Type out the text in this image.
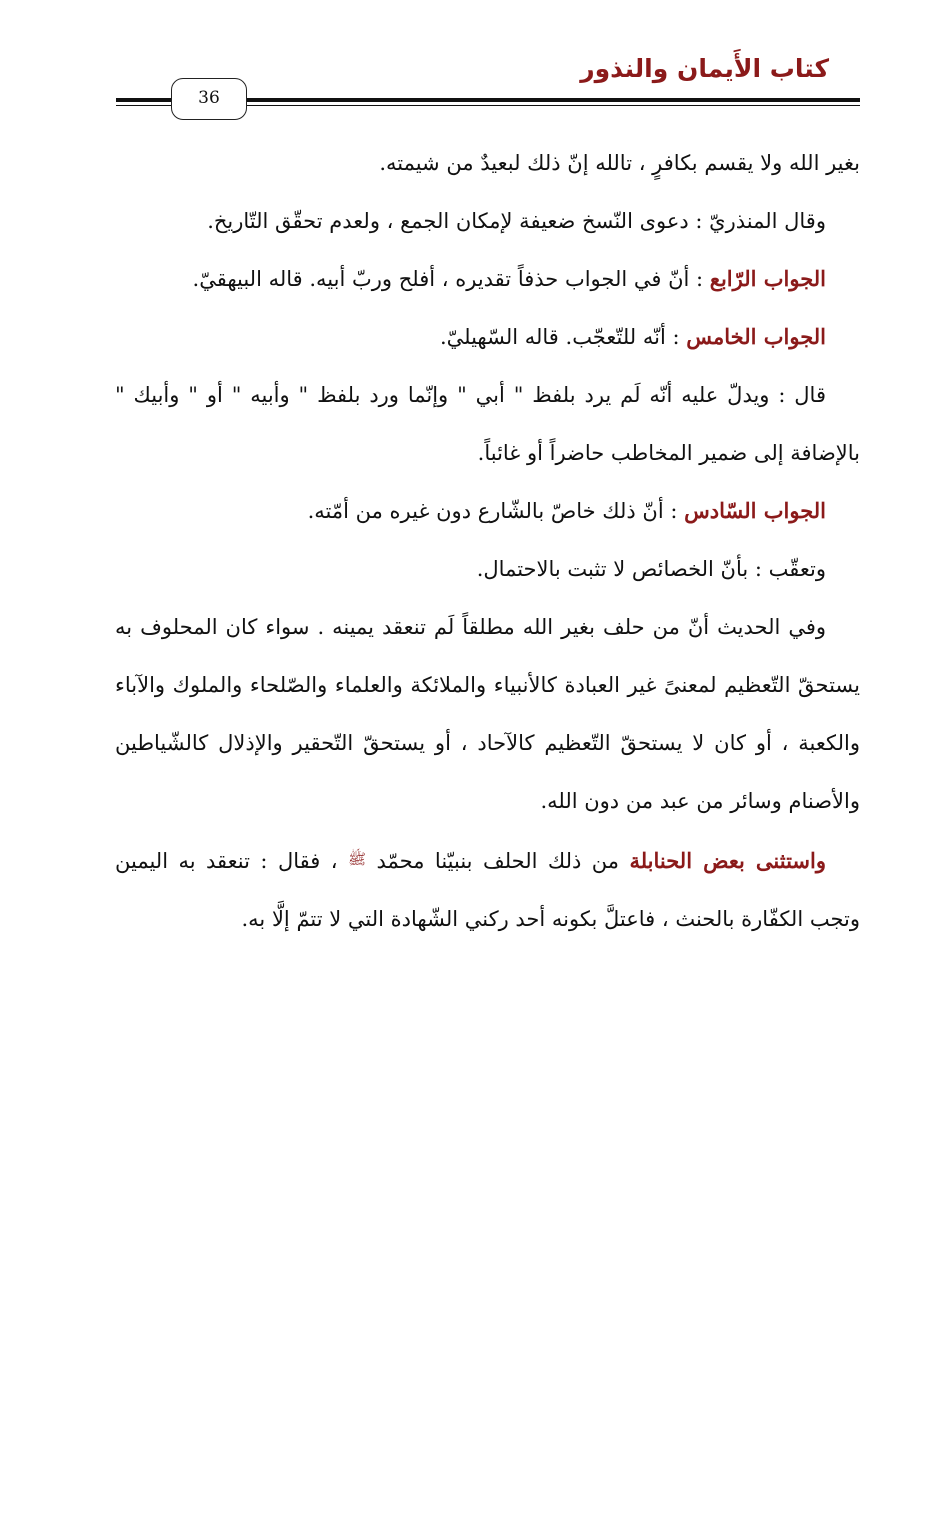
كتاب الأَيمان والنذور
36

بغير الله ولا يقسم بكافرٍ ، تالله إنّ ذلك لبعيدٌ من شيمته.

وقال المنذريّ : دعوى النّسخ ضعيفة لإمكان الجمع ، ولعدم تحقّق التّاريخ.

الجواب الرّابع : أنّ في الجواب حذفاً تقديره ، أفلح وربّ أبيه. قاله البيهقيّ.

الجواب الخامس : أنّه للتّعجّب. قاله السّهيليّ.

قال : ويدلّ عليه أنّه لَم يرد بلفظ " أبي " وإنّما ورد بلفظ " وأبيه " أو " وأبيك " بالإضافة إلى ضمير المخاطب حاضراً أو غائباً.

الجواب السّادس : أنّ ذلك خاصّ بالشّارع دون غيره من أمّته.

وتعقّب : بأنّ الخصائص لا تثبت بالاحتمال.

وفي الحديث أنّ من حلف بغير الله مطلقاً لَم تنعقد يمينه . سواء كان المحلوف به يستحقّ التّعظيم لمعنىً غير العبادة كالأنبياء والملائكة والعلماء والصّلحاء والملوك والآباء والكعبة ، أو كان لا يستحقّ التّعظيم كالآحاد ، أو يستحقّ التّحقير والإذلال كالشّياطين والأصنام وسائر من عبد من دون الله.

واستثنى بعض الحنابلة من ذلك الحلف بنبيّنا محمّد ﷺ ، فقال : تنعقد به اليمين وتجب الكفّارة بالحنث ، فاعتلَّ بكونه أحد ركني الشّهادة التي لا تتمّ إلَّا به.
